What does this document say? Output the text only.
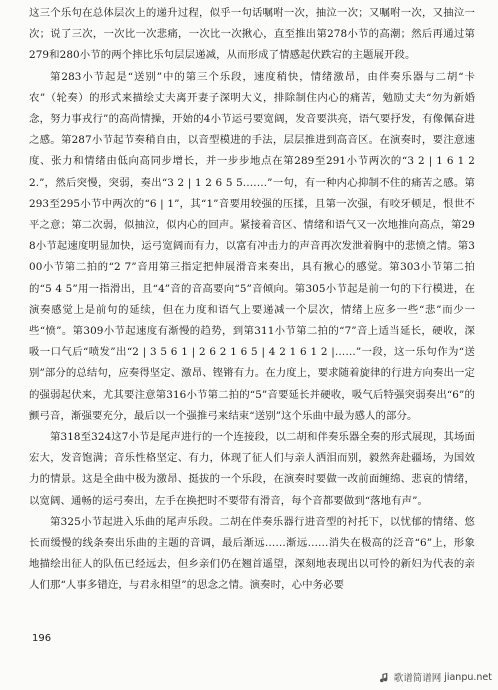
这三个乐句在总体层次上的递升过程，似乎一句话嘱咐一次，抽泣一次；又嘱咐一次，又抽泣一次；说了三次，一次比一次悲痛，一次比一次揪心，直至推出第278小节的高潮；然后再通过第279和280小节的两个摔比乐句层层递减，从而形成了情感起伏跌宕的主题展开段。

第283小节起是“送别”中的第三个乐段，速度稍快，情绪激昂，由伴奏乐器与二胡“卡农”（轮奏）的形式来描绘丈夫离开妻子深明大义，排除制住内心的痛苦，勉励丈夫“勿为新婚念，努力事戎行”的高尚情操，开始的4小节运弓要宽阔，发音要洪亮，语气要抒发，有像佩奋进之感。第287小节起节奏稍自由，以音型模进的手法，层层推进到高音区。在演奏时，要注意速度、张力和情绪由低向高同步增长，并一步步地点在第289至291小节两次的“3 2 | 1 6 1 2 2.”，然后突慢，突弱，奏出“3 2 | 1 2 6 5 5.……”一句，有一种内心抑制不住的痛苦之感。第293至295小节中两次的“6 | 1”，其“1”音要用较强的压揉，且第一次强，有咬牙顿足，恨世不平之意；第二次弱，似抽泣，似内心的回声。紧接着音区、情绪和语气又一次地推向高点，第298小节起速度明显加快，运弓宽阔而有力，以富有冲击力的声音再次发泄着胸中的悲愤之情。第300小节第二拍的“2 7”音用第三指定把伸展滑音来奏出，具有揪心的感觉。第303小节第二拍的“5 4 5”用一指滑出，且“4”音的音高要向“5”音倾向。第305小节起是前一句的下行模进，在演奏感觉上是前句的延续，但在力度和语气上要递减一个层次，情绪上应多一些“悲”而少一些“愤”。第309小节起速度有渐慢的趋势，到第311小节第二拍的“7”音上适当延长，硬收，深吸一口气后“喷发”出“2 | 3 5 6 1 | 2 6 2 1 6 5 | 4 2 1 6 1 2 |……”一段，这一乐句作为“送别”部分的总结句，应奏得坚定、激昂、铿锵有力。在力度上，要求随着旋律的行进方向奏出一定的强弱起伏来，尤其要注意第316小节第二拍的“5”音要延长并硬收，吸气后特强突弱奏出“6”的颤弓音，渐强要充分，最后以一个强推弓来结束“送别”这个乐曲中最为感人的部分。

第318至324这7小节是尾声进行的一个连接段，以二胡和伴奏乐器全奏的形式展现，其场面宏大，发音饱满；音乐性格坚定、有力，体现了征人们与亲人洒泪而别，毅然奔赴疆场，为国效力的情景。这是全曲中极为激昂、挺拔的一个乐段，在演奏时要做一改前面缠绵、悲哀的情绪，以宽阔、通畅的运弓奏出，左手在换把时不要带有滑音，每个音都要做到“落地有声”。

第325小节起进入乐曲的尾声乐段。二胡在伴奏乐器行进音型的衬托下，以忧郁的情绪、悠长而缓慢的线条奏出乐曲的主题的音调，最后渐远……渐远……消失在极高的泛音“6”上，形象地描绘出征人的队伍已经远去，但乡亲们仍在翘首遥望，深刻地表现出以可怜的新妇为代表的亲人们那“人事多错迕，与君永相望”的思念之情。演奏时，心中务必要

196
歌谱简谱网 jianpu.net
